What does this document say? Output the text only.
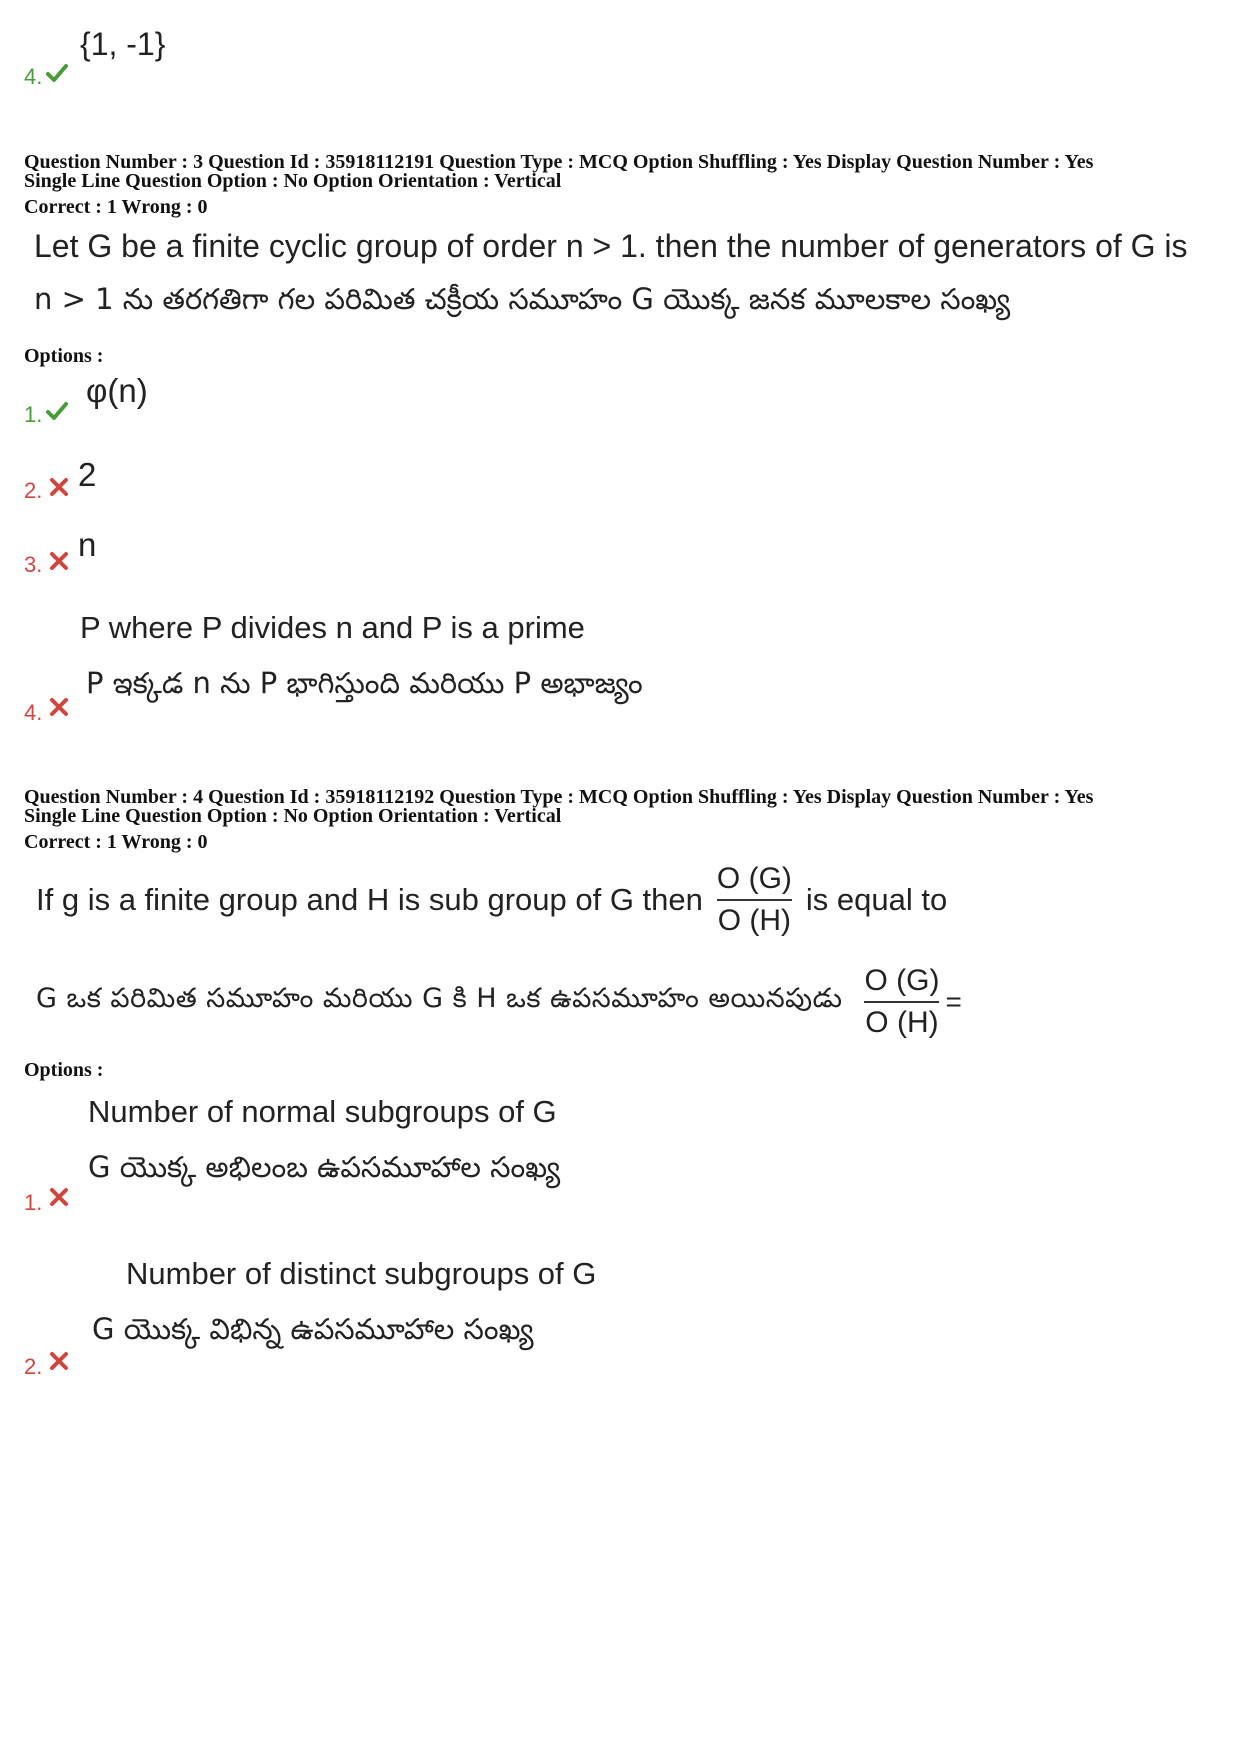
4.
{1, -1}
Question Number : 3 Question Id : 35918112191 Question Type : MCQ Option Shuffling : Yes Display Question Number : Yes
Single Line Question Option : No Option Orientation : Vertical
Correct : 1 Wrong : 0
Let G be a finite cyclic group of order n > 1. then the number of generators of G is
n > 1 ను తరగతిగా గల పరిమిత చక్రీయ సమూహం G యొక్క జనక మూలకాల సంఖ్య
Options :
1.
φ(n)
2. 2
3.
n
P where P divides n and P is a prime
P ఇక్కడ n ను P భాగిస్తుంది మరియు P అభాజ్యం
4.
Question Number : 4 Question Id : 35918112192 Question Type : MCQ Option Shuffling : Yes Display Question Number : Yes
Single Line Question Option : No Option Orientation : Vertical
Correct : 1 Wrong : 0
If g is a finite group and H is sub group of G then $\frac{O (G)}{O (H)}$ is equal to
G ఒక పరిమిత సమూహం మరియు G కి H ఒక ఉపసమూహం అయినపుడు $\frac{O (G)}{O (H)}$ =
Options :
Number of normal subgroups of G
G యొక్క అభిలంబ ఉపసమూహాల సంఖ్య
1.
Number of distinct subgroups of G
G యొక్క విభిన్న ఉపసమూహాల సంఖ్య
2.
